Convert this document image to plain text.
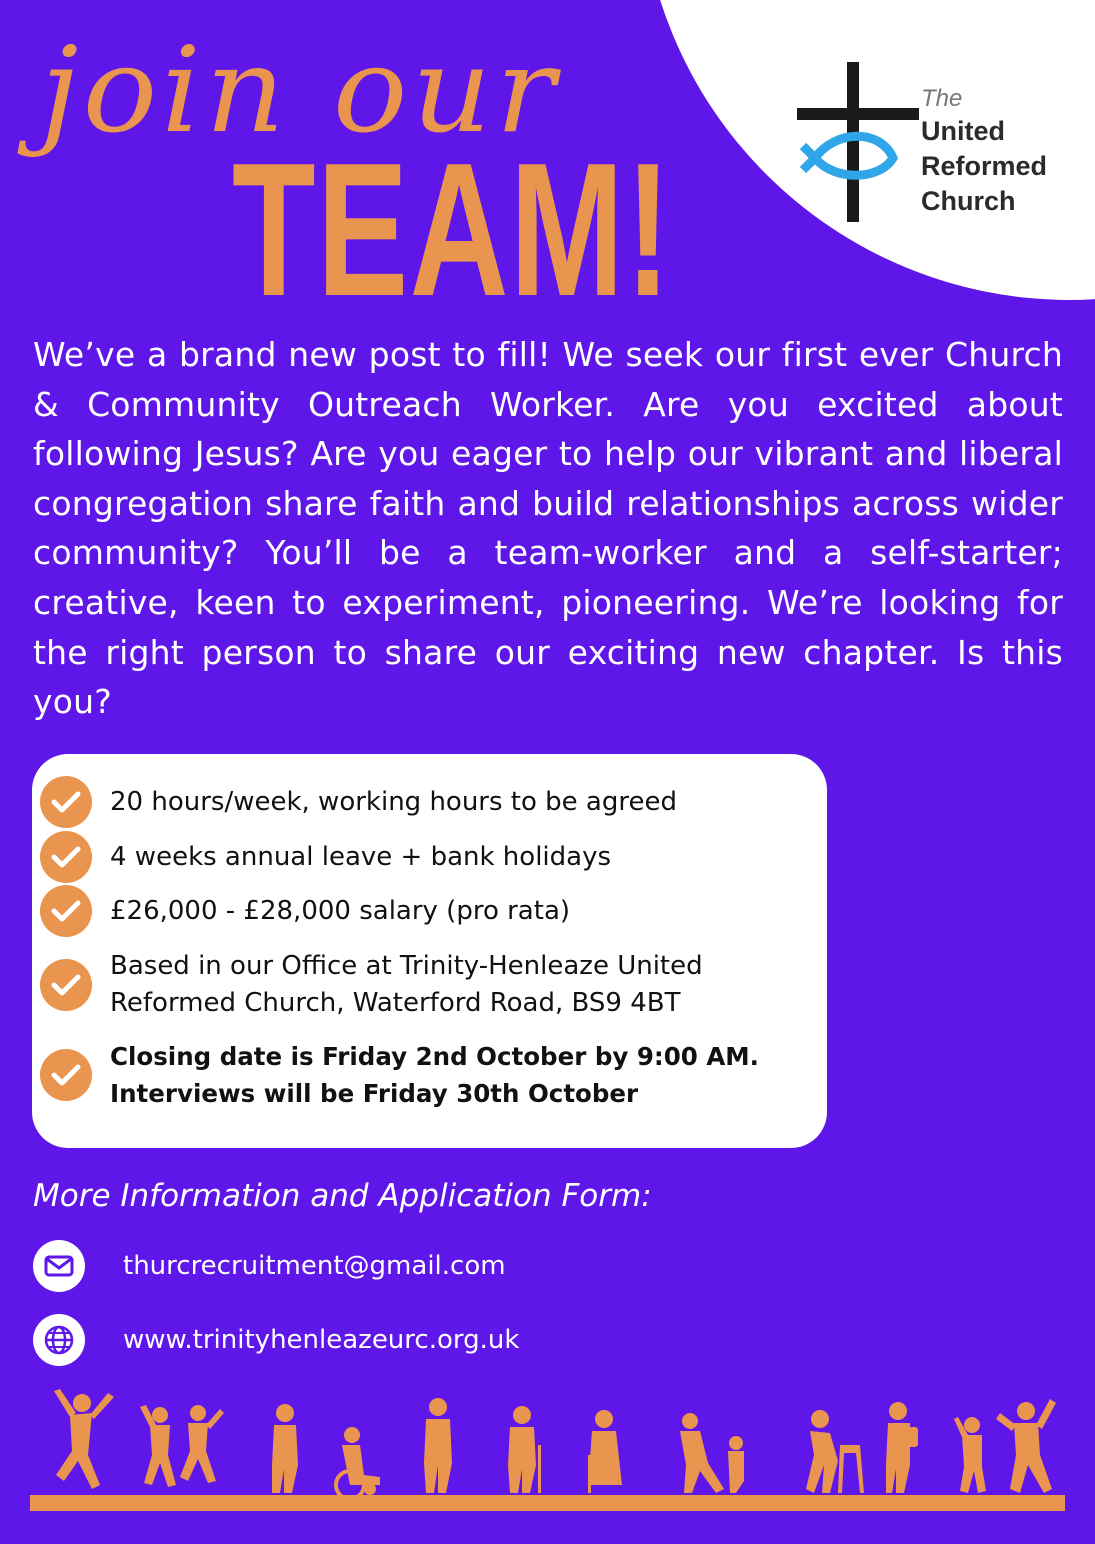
The
United
Reformed
Church
join our
TEAM!

We’ve a brand new post to fill! We seek our first ever Church & Community Outreach Worker. Are you excited about following Jesus? Are you eager to help our vibrant and liberal congregation share faith and build relationships across wider community? You’ll be a team-worker and a self-starter; creative, keen to experiment, pioneering. We’re looking for the right person to share our exciting new chapter. Is this you?

20 hours/week, working hours to be agreed
4 weeks annual leave + bank holidays
£26,000 - £28,000 salary (pro rata)
Based in our Office at Trinity-Henleaze United
Reformed Church, Waterford Road, BS9 4BT
Closing date is Friday 2nd October by 9:00 AM.
Interviews will be Friday 30th October

More Information and Application Form:

thurcrecruitment@gmail.com
www.trinityhenleazeurc.org.uk
